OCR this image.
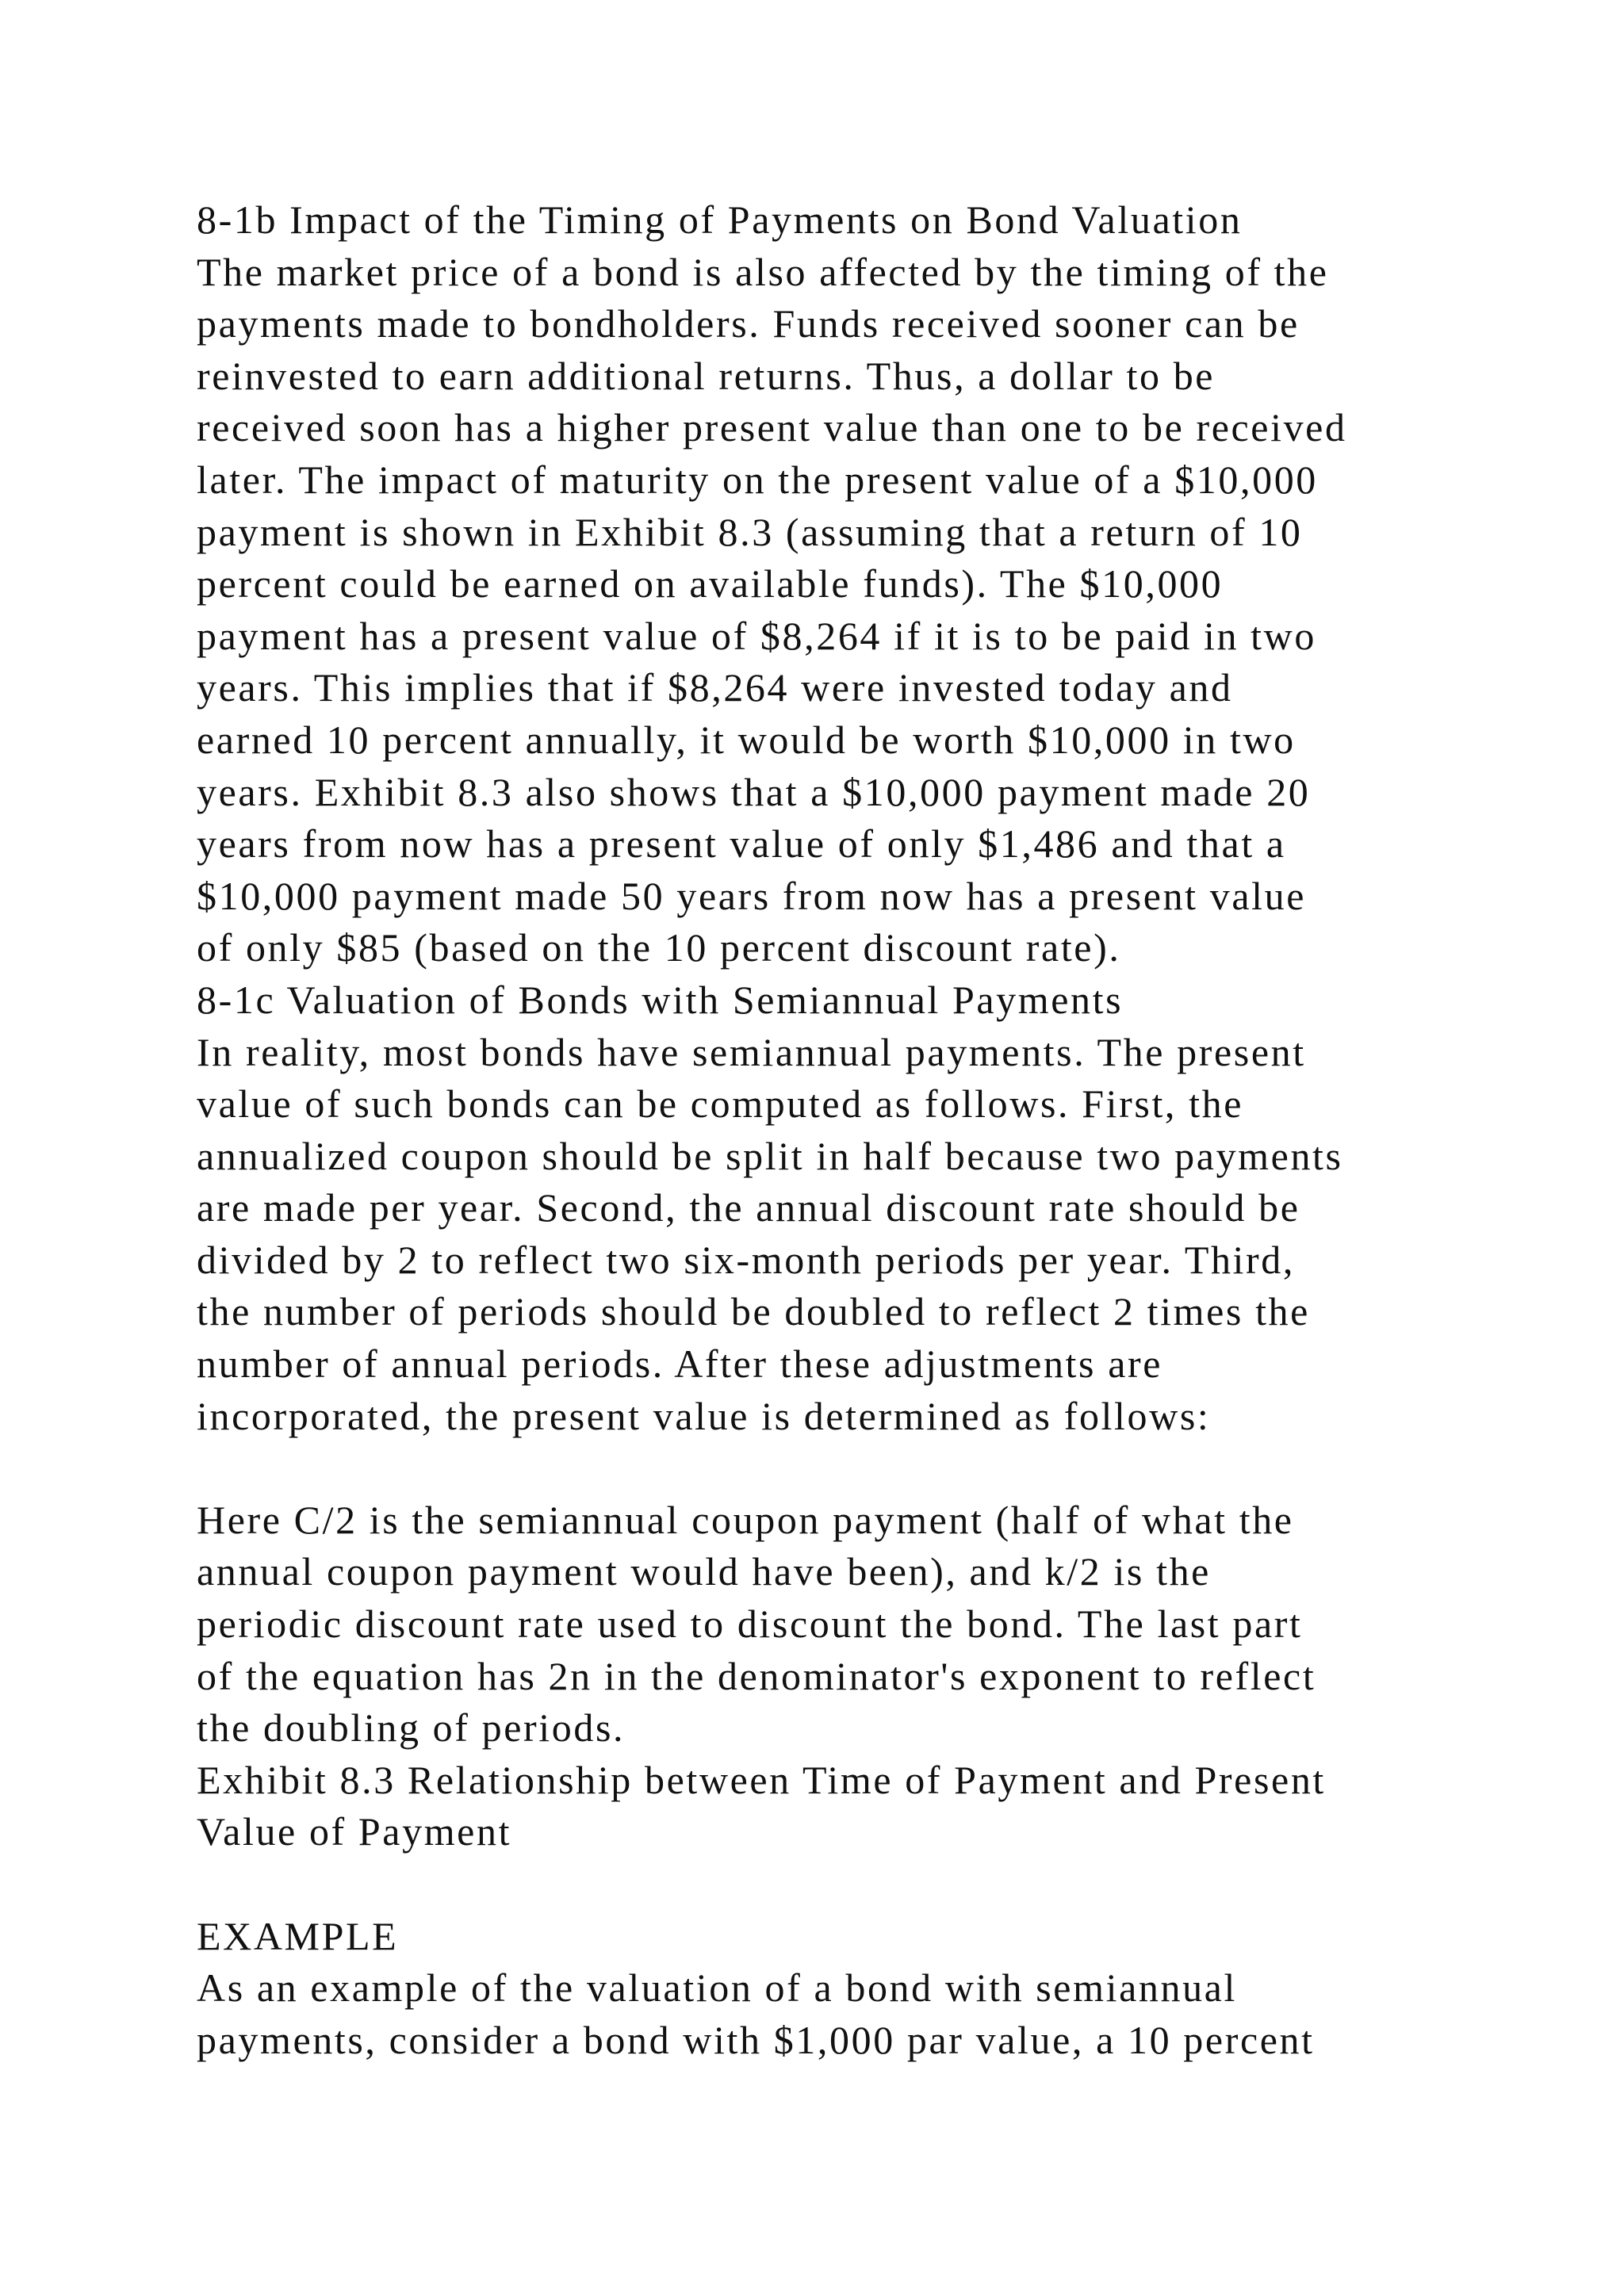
8-1b Impact of the Timing of Payments on Bond Valuation
The market price of a bond is also affected by the timing of the
payments made to bondholders. Funds received sooner can be
reinvested to earn additional returns. Thus, a dollar to be
received soon has a higher present value than one to be received
later. The impact of maturity on the present value of a $10,000
payment is shown in Exhibit 8.3 (assuming that a return of 10
percent could be earned on available funds). The $10,000
payment has a present value of $8,264 if it is to be paid in two
years. This implies that if $8,264 were invested today and
earned 10 percent annually, it would be worth $10,000 in two
years. Exhibit 8.3 also shows that a $10,000 payment made 20
years from now has a present value of only $1,486 and that a
$10,000 payment made 50 years from now has a present value
of only $85 (based on the 10 percent discount rate).
8-1c Valuation of Bonds with Semiannual Payments
In reality, most bonds have semiannual payments. The present
value of such bonds can be computed as follows. First, the
annualized coupon should be split in half because two payments
are made per year. Second, the annual discount rate should be
divided by 2 to reflect two six-month periods per year. Third,
the number of periods should be doubled to reflect 2 times the
number of annual periods. After these adjustments are
incorporated, the present value is determined as follows:
Here C/2 is the semiannual coupon payment (half of what the
annual coupon payment would have been), and k/2 is the
periodic discount rate used to discount the bond. The last part
of the equation has 2n in the denominator's exponent to reflect
the doubling of periods.
Exhibit 8.3 Relationship between Time of Payment and Present
Value of Payment
EXAMPLE
As an example of the valuation of a bond with semiannual
payments, consider a bond with $1,000 par value, a 10 percent
